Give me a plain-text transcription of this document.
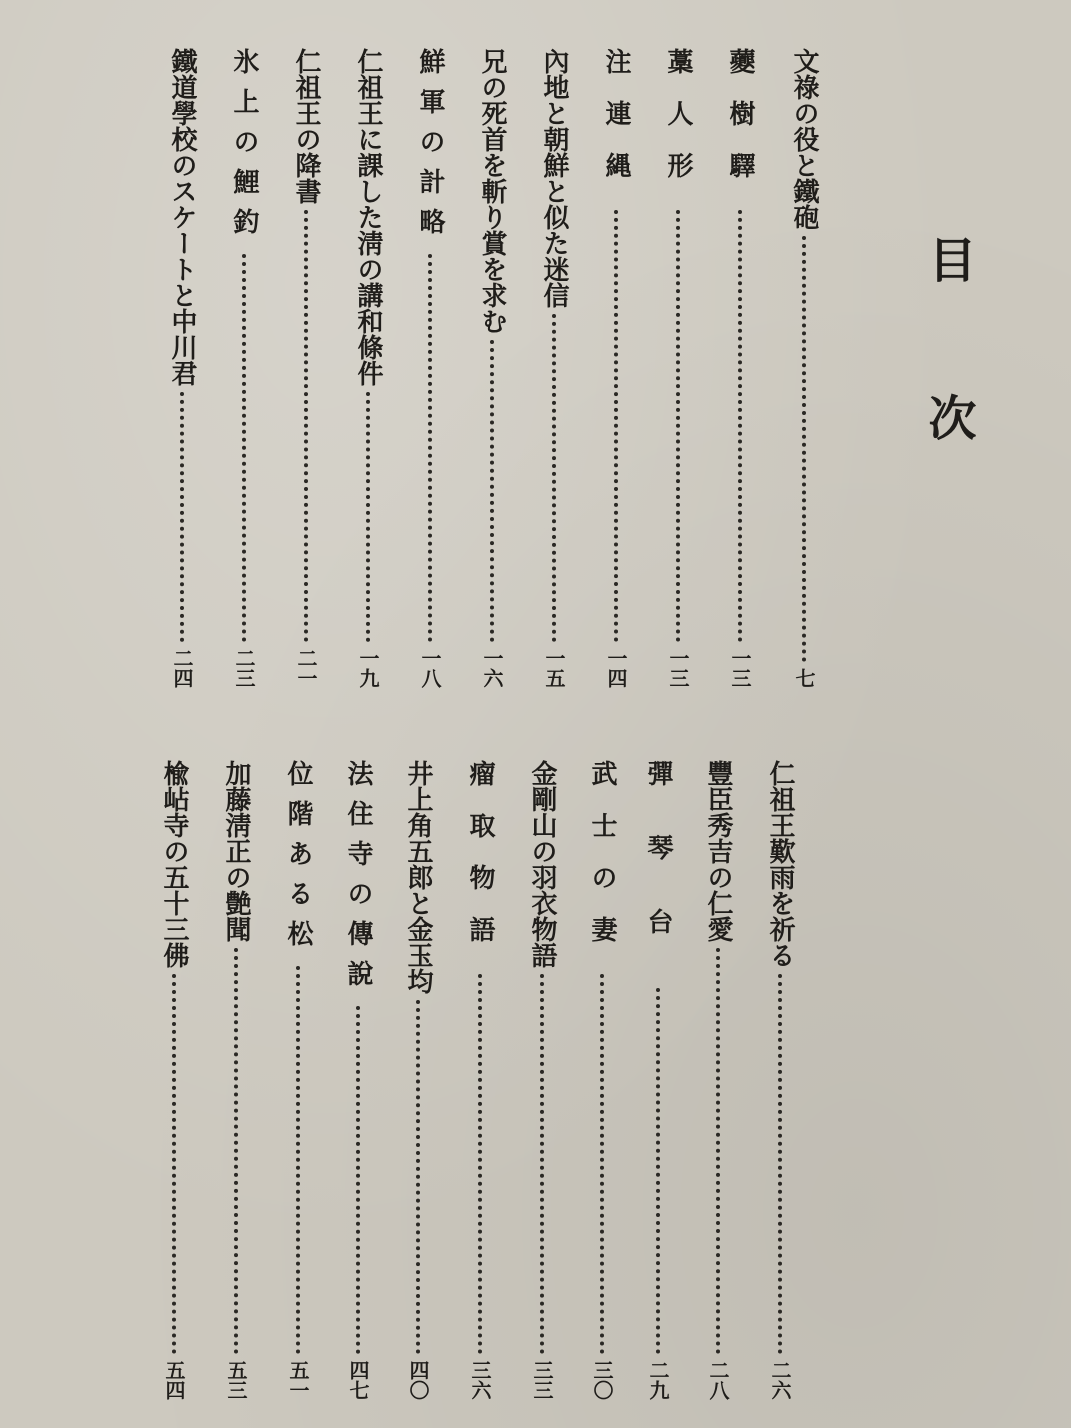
目次
文祿の役と鐵砲
七
虁樹驛
一三
藁人形
一三
注連縄
一四
內地と朝鮮と似た迷信
一五
兄の死首を斬り賞を求む
一六
鮮軍の計略
一八
仁祖王に課した淸の講和條件
一九
仁祖王の降書
二一
氷上の鯉釣
二三
鐵道學校のスケートと中川君
二四
仁祖王歎雨を祈る
二六
豐臣秀吉の仁愛
二八
彈琴台
二九
武士の妻
三〇
金剛山の羽衣物語
三三
瘤取物語
三六
井上角五郎と金玉均
四〇
法住寺の傳說
四七
位階ある松
五一
加藤淸正の艶聞
五三
楡岾寺の五十三佛
五四
